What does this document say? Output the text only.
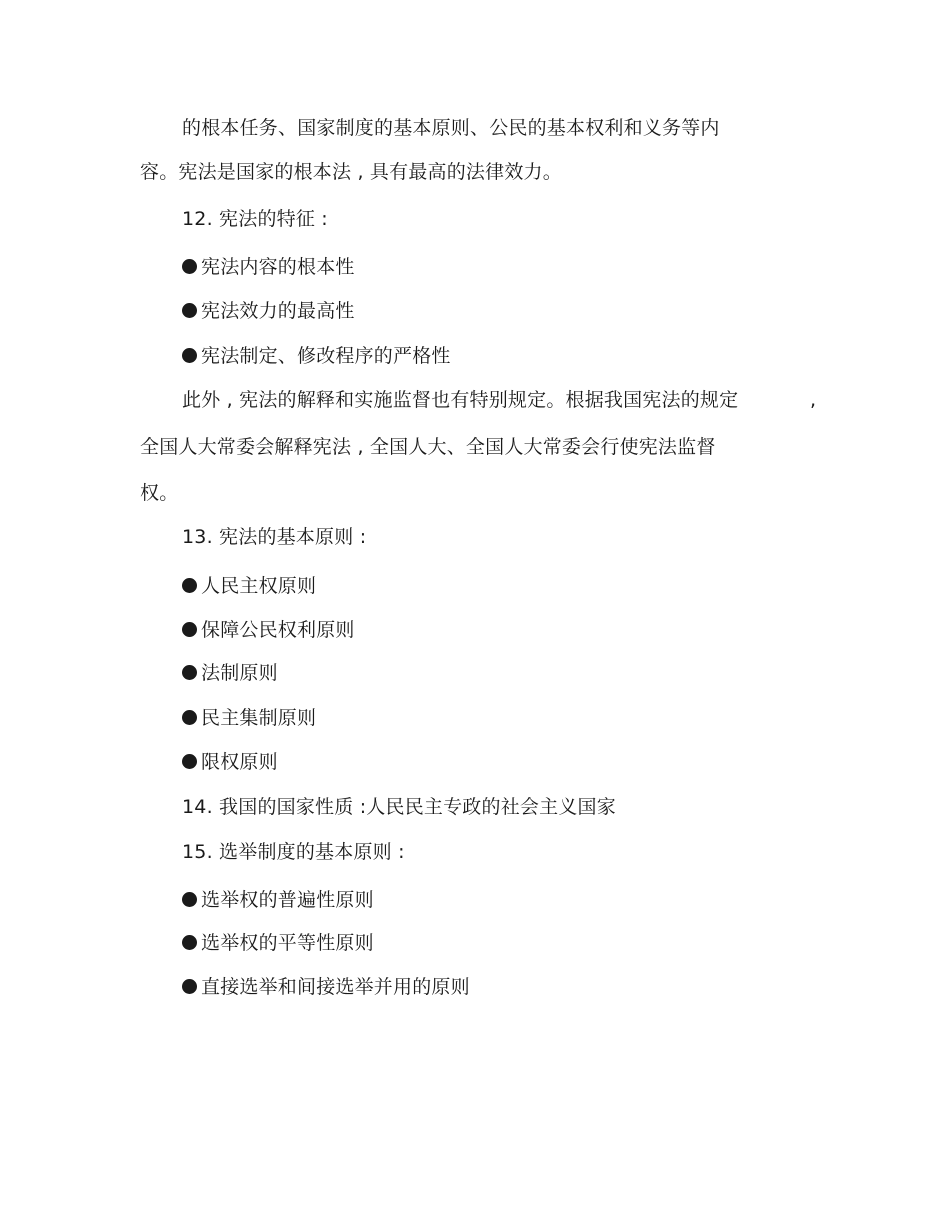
的根本任务、国家制度的基本原则、公民的基本权利和义务等内
容。宪法是国家的根本法 , 具有最高的法律效力。
12. 宪法的特征 :
宪法内容的根本性
宪法效力的最高性
宪法制定、修改程序的严格性
此外 , 宪法的解释和实施监督也有特别规定。根据我国宪法的规定	,
全国人大常委会解释宪法 , 全国人大、全国人大常委会行使宪法监督
权。
13. 宪法的基本原则 :
人民主权原则
保障公民权利原则
法制原则
民主集制原则
限权原则
14. 我国的国家性质 :人民民主专政的社会主义国家
15. 选举制度的基本原则 :
选举权的普遍性原则
选举权的平等性原则
直接选举和间接选举并用的原则
